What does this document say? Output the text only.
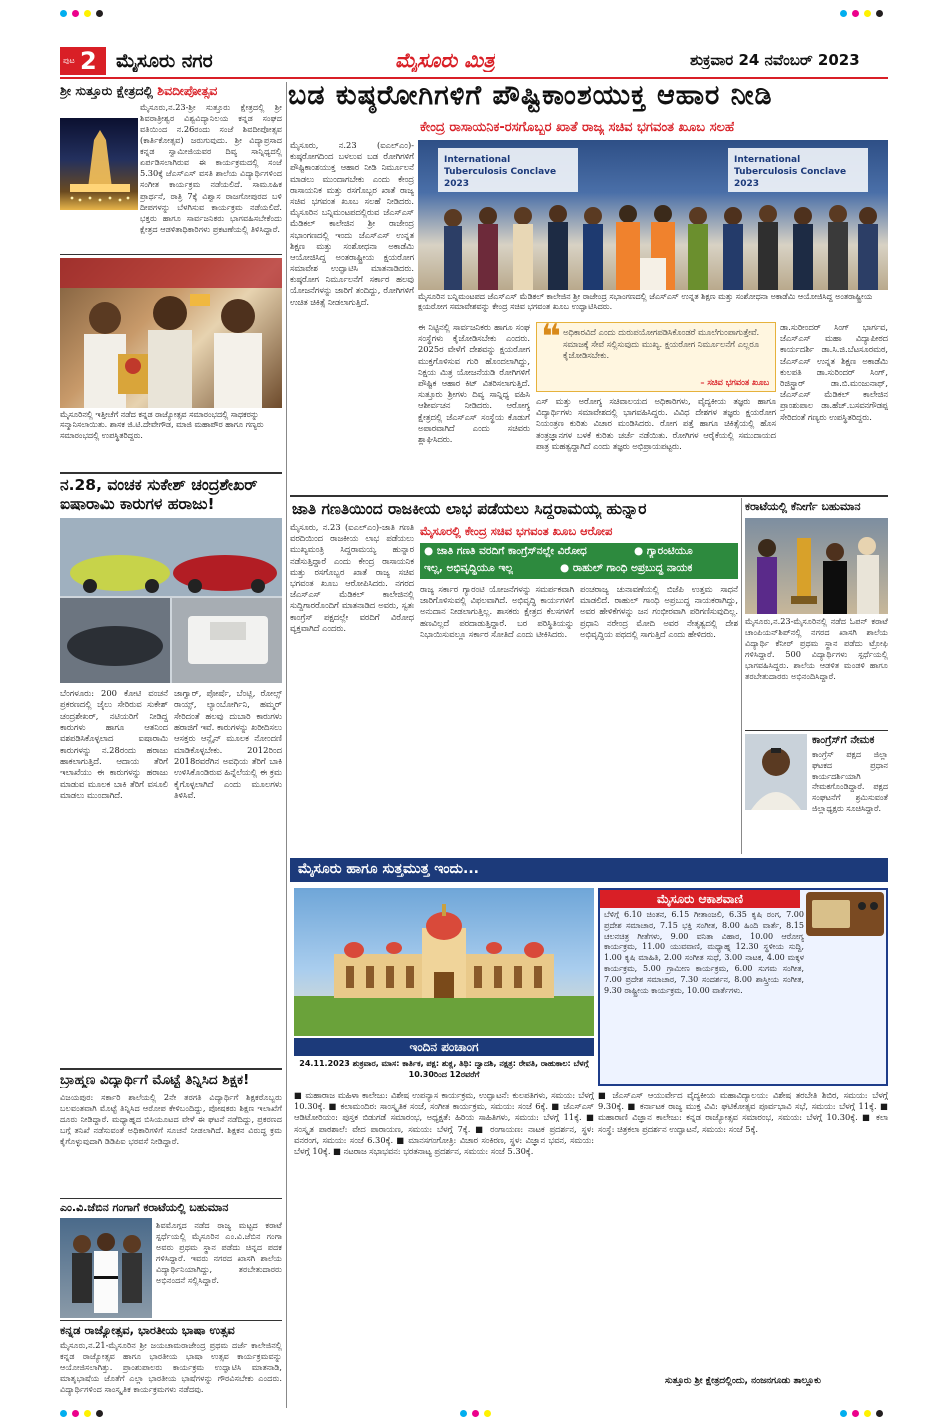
ಪುಟ 2 ಮೈಸೂರು ನಗರ	ಮೈಸೂರು ಮಿತ್ರ	ಶುಕ್ರವಾರ 24 ನವೆಂಬರ್ 2023
ಶ್ರೀ ಸುತ್ತೂರು ಕ್ಷೇತ್ರದಲ್ಲಿ ಶಿವದೀಪೋತ್ಸವ
ಮೈಸೂರು,ನ.23-ಶ್ರೀ ಸುತ್ತೂರು ಕ್ಷೇತ್ರದಲ್ಲಿ ಶ್ರೀ ಶಿವರಾತ್ರೀಶ್ವರ ವಿಶ್ವವಿದ್ಯಾನಿಲಯ ಕನ್ನಡ ಸಂಘದ ವತಿಯಿಂದ ನ.26ರಂದು ಸಂಜೆ ಶಿವದೀಪೋತ್ಸವ (ಕಾರ್ತಿಕೋತ್ಸವ) ಜರುಗುವುದು. ಶ್ರೀ ವಿದ್ಯಾಪ್ರಸಾದ ಕನ್ನಡ ಸ್ವಾಮೀಜಿಯವರ ದಿವ್ಯ ಸಾನ್ನಿಧ್ಯದಲ್ಲಿ ಏರ್ಪಡಿಸಲಾಗಿರುವ ಈ ಕಾರ್ಯಕ್ರಮದಲ್ಲಿ ಸಂಜೆ 5.30ಕ್ಕೆ ಜೆಎಸ್ಎಸ್ ವಸತಿ ಶಾಲೆಯ ವಿದ್ಯಾರ್ಥಿಗಳಿಂದ ಸಂಗೀತ ಕಾರ್ಯಕ್ರಮ ನಡೆಯಲಿದೆ. ಸಾಮೂಹಿಕ ಪ್ರಾರ್ಥನೆ, ರಾತ್ರಿ 7ಕ್ಕೆ ವಿಶ್ವಾಸ ರಾಜಗೋಪುರದ ಬಳಿ ದೀಪಗಳನ್ನು ಬೆಳಗಿಸುವ ಕಾರ್ಯಕ್ರಮ ನಡೆಯಲಿದೆ. ಭಕ್ತರು ಹಾಗೂ ಸಾರ್ವಜನಿಕರು ಭಾಗವಹಿಸಬೇಕೆಂದು ಕ್ಷೇತ್ರದ ಆಡಳಿತಾಧಿಕಾರಿಗಳು ಪ್ರಕಟಣೆಯಲ್ಲಿ ತಿಳಿಸಿದ್ದಾರೆ.
ಮೈಸೂರಿನಲ್ಲಿ ಇತ್ತೀಚೆಗೆ ನಡೆದ ಕನ್ನಡ ರಾಜ್ಯೋತ್ಸವ ಸಮಾರಂಭದಲ್ಲಿ ಸಾಧಕರನ್ನು ಸನ್ಮಾನಿಸಲಾಯಿತು. ಶಾಸಕ ಜಿ.ಟಿ.ದೇವೇಗೌಡ, ಮಾಜಿ ಮಹಾಪೌರ ಹಾಗೂ ಗಣ್ಯರು ಸಮಾರಂಭದಲ್ಲಿ ಉಪಸ್ಥಿತರಿದ್ದರು.
ನ.28, ವಂಚಕ ಸುಕೇಶ್ ಚಂದ್ರಶೇಖರ್
ಐಷಾರಾಮಿ ಕಾರುಗಳ ಹರಾಜು!
ಬೆಂಗಳೂರು: 200 ಕೋಟಿ ವಂಚನೆ ಪ್ರಕರಣದಲ್ಲಿ ಜೈಲು ಸೇರಿರುವ ಸುಕೇಶ್ ಚಂದ್ರಶೇಖರ್, ನಟಿಯರಿಗೆ ನೀಡಿದ್ದ ಕಾರುಗಳು ಹಾಗೂ ಆತನಿಂದ ವಶಪಡಿಸಿಕೊಳ್ಳಲಾದ ಐಷಾರಾಮಿ ಕಾರುಗಳನ್ನು ನ.28ರಂದು ಹರಾಜು ಹಾಕಲಾಗುತ್ತಿದೆ. ಆದಾಯ ತೆರಿಗೆ ಇಲಾಖೆಯು ಈ ಕಾರುಗಳನ್ನು ಹರಾಜು ಮಾಡುವ ಮೂಲಕ ಬಾಕಿ ತೆರಿಗೆ ವಸೂಲಿ ಮಾಡಲು ಮುಂದಾಗಿದೆ.
ಜಾಗ್ವಾರ್, ಪೋರ್ಷೆ, ಬೆಂಟ್ಲಿ, ರೋಲ್ಸ್ ರಾಯ್ಸ್, ಲ್ಯಾಂಬೋರ್ಗಿನಿ, ಹಮ್ಮರ್ ಸೇರಿದಂತೆ ಹಲವು ದುಬಾರಿ ಕಾರುಗಳು ಹರಾಜಿಗೆ ಇವೆ. ಕಾರುಗಳನ್ನು ಖರೀದಿಸಲು ಆಸಕ್ತರು ಆನ್ಲೈನ್ ಮೂಲಕ ನೋಂದಣಿ ಮಾಡಿಕೊಳ್ಳಬೇಕು. 2012ರಿಂದ 2018ರವರೆಗಿನ ಅವಧಿಯ ತೆರಿಗೆ ಬಾಕಿ ಉಳಿಸಿಕೊಂಡಿರುವ ಹಿನ್ನೆಲೆಯಲ್ಲಿ ಈ ಕ್ರಮ ಕೈಗೊಳ್ಳಲಾಗಿದೆ ಎಂದು ಮೂಲಗಳು ತಿಳಿಸಿವೆ.
ಬ್ರಾಹ್ಮಣ ವಿದ್ಯಾರ್ಥಿಗೆ ಮೊಟ್ಟೆ ತಿನ್ನಿಸಿದ ಶಿಕ್ಷಕ!
ವಿಜಯಪುರ: ಸರ್ಕಾರಿ ಶಾಲೆಯಲ್ಲಿ 2ನೇ ತರಗತಿ ವಿದ್ಯಾರ್ಥಿಗೆ ಶಿಕ್ಷಕರೊಬ್ಬರು ಬಲವಂತವಾಗಿ ಮೊಟ್ಟೆ ತಿನ್ನಿಸಿದ ಆರೋಪ ಕೇಳಿಬಂದಿದ್ದು, ಪೋಷಕರು ಶಿಕ್ಷಣ ಇಲಾಖೆಗೆ ದೂರು ನೀಡಿದ್ದಾರೆ. ಮಧ್ಯಾಹ್ನದ ಬಿಸಿಯೂಟದ ವೇಳೆ ಈ ಘಟನೆ ನಡೆದಿದ್ದು, ಪ್ರಕರಣದ ಬಗ್ಗೆ ತನಿಖೆ ನಡೆಸುವಂತೆ ಅಧಿಕಾರಿಗಳಿಗೆ ಸೂಚನೆ ನೀಡಲಾಗಿದೆ. ಶಿಕ್ಷಕನ ವಿರುದ್ಧ ಕ್ರಮ ಕೈಗೊಳ್ಳುವುದಾಗಿ ಡಿಡಿಪಿಐ ಭರವಸೆ ನೀಡಿದ್ದಾರೆ.
ಎಂ.ವಿ.ಜೆಬಿನ ಗಂಗಾಗೆ ಕರಾಟೆಯಲ್ಲಿ ಬಹುಮಾನ
ಶಿವಮೊಗ್ಗದ ನಡೆದ ರಾಜ್ಯ ಮಟ್ಟದ ಕರಾಟೆ ಸ್ಪರ್ಧೆಯಲ್ಲಿ ಮೈಸೂರಿನ ಎಂ.ವಿ.ಜೆಬಿನ ಗಂಗಾ ಅವರು ಪ್ರಥಮ ಸ್ಥಾನ ಪಡೆದು ಚಿನ್ನದ ಪದಕ ಗಳಿಸಿದ್ದಾರೆ. ಇವರು ನಗರದ ಖಾಸಗಿ ಶಾಲೆಯ ವಿದ್ಯಾರ್ಥಿನಿಯಾಗಿದ್ದು, ತರಬೇತುದಾರರು ಅಭಿನಂದನೆ ಸಲ್ಲಿಸಿದ್ದಾರೆ.
ಕನ್ನಡ ರಾಜ್ಯೋತ್ಸವ, ಭಾರತೀಯ ಭಾಷಾ ಉತ್ಸವ
ಮೈಸೂರು,ನ.21-ಮೈಸೂರಿನ ಶ್ರೀ ಜಯಚಾಮರಾಜೇಂದ್ರ ಪ್ರಥಮ ದರ್ಜೆ ಕಾಲೇಜಿನಲ್ಲಿ ಕನ್ನಡ ರಾಜ್ಯೋತ್ಸವ ಹಾಗೂ ಭಾರತೀಯ ಭಾಷಾ ಉತ್ಸವ ಕಾರ್ಯಕ್ರಮವನ್ನು ಆಯೋಜಿಸಲಾಗಿತ್ತು. ಪ್ರಾಂಶುಪಾಲರು ಕಾರ್ಯಕ್ರಮ ಉದ್ಘಾಟಿಸಿ ಮಾತನಾಡಿ, ಮಾತೃಭಾಷೆಯ ಜೊತೆಗೆ ಎಲ್ಲಾ ಭಾರತೀಯ ಭಾಷೆಗಳನ್ನು ಗೌರವಿಸಬೇಕು ಎಂದರು. ವಿದ್ಯಾರ್ಥಿಗಳಿಂದ ಸಾಂಸ್ಕೃತಿಕ ಕಾರ್ಯಕ್ರಮಗಳು ನಡೆದವು.
ಬಡ ಕುಷ್ಠರೋಗಿಗಳಿಗೆ ಪೌಷ್ಟಿಕಾಂಶಯುಕ್ತ ಆಹಾರ ನೀಡಿ
ಕೇಂದ್ರ ರಾಸಾಯನಿಕ-ರಸಗೊಬ್ಬರ ಖಾತೆ ರಾಜ್ಯ ಸಚಿವ ಭಗವಂತ ಖೂಬ ಸಲಹೆ
ಮೈಸೂರು, ನ.23 (ಐಎಲ್ಎಂ)- ಕುಷ್ಠರೋಗದಿಂದ ಬಳಲುವ ಬಡ ರೋಗಿಗಳಿಗೆ ಪೌಷ್ಟಿಕಾಂಶಯುಕ್ತ ಆಹಾರ ನೀಡಿ ನಿರ್ಮೂಲನೆ ಮಾಡಲು ಮುಂದಾಗಬೇಕು ಎಂದು ಕೇಂದ್ರ ರಾಸಾಯನಿಕ ಮತ್ತು ರಸಗೊಬ್ಬರ ಖಾತೆ ರಾಜ್ಯ ಸಚಿವ ಭಗವಂತ ಖೂಬ ಸಲಹೆ ನೀಡಿದರು. ಮೈಸೂರಿನ ಬನ್ನಿಮಂಟಪದಲ್ಲಿರುವ ಜೆಎಸ್ಎಸ್ ಮೆಡಿಕಲ್ ಕಾಲೇಜಿನ ಶ್ರೀ ರಾಜೇಂದ್ರ ಸಭಾಂಗಣದಲ್ಲಿ ಇಂದು ಜೆಎಸ್ಎಸ್ ಉನ್ನತ ಶಿಕ್ಷಣ ಮತ್ತು ಸಂಶೋಧನಾ ಅಕಾಡೆಮಿ ಆಯೋಜಿಸಿದ್ದ ಅಂತರಾಷ್ಟ್ರೀಯ ಕ್ಷಯರೋಗ ಸಮಾವೇಶ ಉದ್ಘಾಟಿಸಿ ಮಾತನಾಡಿದರು. ಕುಷ್ಠರೋಗ ನಿರ್ಮೂಲನೆಗೆ ಸರ್ಕಾರ ಹಲವು ಯೋಜನೆಗಳನ್ನು ಜಾರಿಗೆ ತಂದಿದ್ದು, ರೋಗಿಗಳಿಗೆ ಉಚಿತ ಚಿಕಿತ್ಸೆ ನೀಡಲಾಗುತ್ತಿದೆ.
International Tuberculosis Conclave 2023
International Tuberculosis Conclave 2023
ಮೈಸೂರಿನ ಬನ್ನಿಮಂಟಪದ ಜೆಎಸ್ಎಸ್ ಮೆಡಿಕಲ್ ಕಾಲೇಜಿನ ಶ್ರೀ ರಾಜೇಂದ್ರ ಸಭಾಂಗಣದಲ್ಲಿ ಜೆಎಸ್ಎಸ್ ಉನ್ನತ ಶಿಕ್ಷಣ ಮತ್ತು ಸಂಶೋಧನಾ ಅಕಾಡೆಮಿ ಆಯೋಜಿಸಿದ್ದ ಅಂತರಾಷ್ಟ್ರೀಯ ಕ್ಷಯರೋಗ ಸಮಾವೇಶವನ್ನು ಕೇಂದ್ರ ಸಚಿವ ಭಗವಂತ ಖೂಬ ಉದ್ಘಾಟಿಸಿದರು.
ಈ ನಿಟ್ಟಿನಲ್ಲಿ ಸಾರ್ವಜನಿಕರು ಹಾಗೂ ಸಂಘ ಸಂಸ್ಥೆಗಳು ಕೈಜೋಡಿಸಬೇಕು ಎಂದರು. 2025ರ ವೇಳೆಗೆ ದೇಶವನ್ನು ಕ್ಷಯರೋಗ ಮುಕ್ತಗೊಳಿಸುವ ಗುರಿ ಹೊಂದಲಾಗಿದ್ದು, ನಿಕ್ಷಯ ಮಿತ್ರ ಯೋಜನೆಯಡಿ ರೋಗಿಗಳಿಗೆ ಪೌಷ್ಟಿಕ ಆಹಾರ ಕಿಟ್ ವಿತರಿಸಲಾಗುತ್ತಿದೆ. ಸುತ್ತೂರು ಶ್ರೀಗಳು ದಿವ್ಯ ಸಾನ್ನಿಧ್ಯ ವಹಿಸಿ ಆಶೀರ್ವಚನ ನೀಡಿದರು. ಆರೋಗ್ಯ ಕ್ಷೇತ್ರದಲ್ಲಿ ಜೆಎಸ್ಎಸ್ ಸಂಸ್ಥೆಯ ಕೊಡುಗೆ ಅಪಾರವಾಗಿದೆ ಎಂದು ಸಚಿವರು ಶ್ಲಾಘಿಸಿದರು.
❝ ಅಧಿಕಾರವಿದೆ ಎಂದು ದುರುಪಯೋಗಪಡಿಸಿಕೊಂಡರೆ ಮೂಲೆಗುಂಪಾಗುತ್ತೇವೆ. ಸಮಾಜಕ್ಕೆ ಸೇವೆ ಸಲ್ಲಿಸುವುದು ಮುಖ್ಯ. ಕ್ಷಯರೋಗ ನಿರ್ಮೂಲನೆಗೆ ಎಲ್ಲರೂ ಕೈಜೋಡಿಸಬೇಕು.
– ಸಚಿವ ಭಗವಂತ ಖೂಬ
ಎಸ್ ಮತ್ತು ಅರೋಗ್ಯ ಸಚಿವಾಲಯದ ಅಧಿಕಾರಿಗಳು, ವೈದ್ಯಕೀಯ ತಜ್ಞರು ಹಾಗೂ ವಿದ್ಯಾರ್ಥಿಗಳು ಸಮಾವೇಶದಲ್ಲಿ ಭಾಗವಹಿಸಿದ್ದರು. ವಿವಿಧ ದೇಶಗಳ ತಜ್ಞರು ಕ್ಷಯರೋಗ ನಿಯಂತ್ರಣ ಕುರಿತು ವಿಚಾರ ಮಂಡಿಸಿದರು. ರೋಗ ಪತ್ತೆ ಹಾಗೂ ಚಿಕಿತ್ಸೆಯಲ್ಲಿ ಹೊಸ ತಂತ್ರಜ್ಞಾನಗಳ ಬಳಕೆ ಕುರಿತು ಚರ್ಚೆ ನಡೆಯಿತು. ರೋಗಿಗಳ ಆರೈಕೆಯಲ್ಲಿ ಸಮುದಾಯದ ಪಾತ್ರ ಮಹತ್ವದ್ದಾಗಿದೆ ಎಂದು ತಜ್ಞರು ಅಭಿಪ್ರಾಯಪಟ್ಟರು.
ಡಾ.ಸುರೀಂದರ್ ಸಿಂಗ್ ಭಾರ್ಗವ, ಜೆಎಸ್ಎಸ್ ಮಹಾ ವಿದ್ಯಾಪೀಠದ ಕಾರ್ಯದರ್ಶಿ ಡಾ.ಸಿ.ಜಿ.ಬೆಟಸೂರಮಠ, ಜೆಎಸ್ಎಸ್ ಉನ್ನತ ಶಿಕ್ಷಣ ಅಕಾಡೆಮಿ ಕುಲಪತಿ ಡಾ.ಸುರಿಂದರ್ ಸಿಂಗ್, ರಿಜಿಸ್ಟ್ರಾರ್ ಡಾ.ಬಿ.ಮಂಜುನಾಥ್, ಜೆಎಸ್ಎಸ್ ಮೆಡಿಕಲ್ ಕಾಲೇಜಿನ ಪ್ರಾಂಶುಪಾಲ ಡಾ.ಹೆಚ್.ಬಸವನಗೌಡಪ್ಪ ಸೇರಿದಂತೆ ಗಣ್ಯರು ಉಪಸ್ಥಿತರಿದ್ದರು.
ಜಾತಿ ಗಣತಿಯಿಂದ ರಾಜಕೀಯ ಲಾಭ ಪಡೆಯಲು ಸಿದ್ದರಾಮಯ್ಯ ಹುನ್ನಾರ
ಮೈಸೂರಲ್ಲಿ ಕೇಂದ್ರ ಸಚಿವ ಭಗವಂತ ಖೂಬ ಆರೋಪ
ಮೈಸೂರು, ನ.23 (ಐಎಲ್ಎಂ)-ಜಾತಿ ಗಣತಿ ವರದಿಯಿಂದ ರಾಜಕೀಯ ಲಾಭ ಪಡೆಯಲು ಮುಖ್ಯಮಂತ್ರಿ ಸಿದ್ದರಾಮಯ್ಯ ಹುನ್ನಾರ ನಡೆಸುತ್ತಿದ್ದಾರೆ ಎಂದು ಕೇಂದ್ರ ರಾಸಾಯನಿಕ ಮತ್ತು ರಸಗೊಬ್ಬರ ಖಾತೆ ರಾಜ್ಯ ಸಚಿವ ಭಗವಂತ ಖೂಬ ಆರೋಪಿಸಿದರು. ನಗರದ ಜೆಎಸ್ಎಸ್ ಮೆಡಿಕಲ್ ಕಾಲೇಜಿನಲ್ಲಿ ಸುದ್ದಿಗಾರರೊಂದಿಗೆ ಮಾತನಾಡಿದ ಅವರು, ಸ್ವತಃ ಕಾಂಗ್ರೆಸ್ ಪಕ್ಷದಲ್ಲೇ ವರದಿಗೆ ವಿರೋಧ ವ್ಯಕ್ತವಾಗಿದೆ ಎಂದರು.
● ಜಾತಿ ಗಣತಿ ವರದಿಗೆ ಕಾಂಗ್ರೆಸ್‌ನಲ್ಲೇ ವಿರೋಧ	● ಗ್ಯಾರಂಟಿಯೂ
ಇಲ್ಲ, ಅಭಿವೃದ್ಧಿಯೂ ಇಲ್ಲ	● ರಾಹುಲ್ ಗಾಂಧಿ ಅಪ್ರಬುದ್ಧ ನಾಯಕ
ರಾಜ್ಯ ಸರ್ಕಾರ ಗ್ಯಾರಂಟಿ ಯೋಜನೆಗಳನ್ನು ಸಮರ್ಪಕವಾಗಿ ಜಾರಿಗೊಳಿಸುವಲ್ಲಿ ವಿಫಲವಾಗಿದೆ. ಅಭಿವೃದ್ಧಿ ಕಾರ್ಯಗಳಿಗೆ ಅನುದಾನ ನೀಡಲಾಗುತ್ತಿಲ್ಲ. ಶಾಸಕರು ಕ್ಷೇತ್ರದ ಕೆಲಸಗಳಿಗೆ ಹಣವಿಲ್ಲದೆ ಪರದಾಡುತ್ತಿದ್ದಾರೆ. ಬರ ಪರಿಸ್ಥಿತಿಯನ್ನು ನಿಭಾಯಿಸುವಲ್ಲೂ ಸರ್ಕಾರ ಸೋತಿದೆ ಎಂದು ಟೀಕಿಸಿದರು.
ಪಂಚರಾಜ್ಯ ಚುನಾವಣೆಯಲ್ಲಿ ಬಿಜೆಪಿ ಉತ್ತಮ ಸಾಧನೆ ಮಾಡಲಿದೆ. ರಾಹುಲ್ ಗಾಂಧಿ ಅಪ್ರಬುದ್ಧ ನಾಯಕರಾಗಿದ್ದು, ಅವರ ಹೇಳಿಕೆಗಳನ್ನು ಜನ ಗಂಭೀರವಾಗಿ ಪರಿಗಣಿಸುವುದಿಲ್ಲ. ಪ್ರಧಾನಿ ನರೇಂದ್ರ ಮೋದಿ ಅವರ ನೇತೃತ್ವದಲ್ಲಿ ದೇಶ ಅಭಿವೃದ್ಧಿಯ ಪಥದಲ್ಲಿ ಸಾಗುತ್ತಿದೆ ಎಂದು ಹೇಳಿದರು.
ಕರಾಟೆಯಲ್ಲಿ ಕೆನೀರ್ಗೆ ಬಹುಮಾನ
ಮೈಸೂರು,ನ.23-ಮೈಸೂರಿನಲ್ಲಿ ನಡೆದ ಓಪನ್ ಕರಾಟೆ ಚಾಂಪಿಯನ್‌ಶಿಪ್‌ನಲ್ಲಿ ನಗರದ ಖಾಸಗಿ ಶಾಲೆಯ ವಿದ್ಯಾರ್ಥಿ ಕೆನೀರ್ ಪ್ರಥಮ ಸ್ಥಾನ ಪಡೆದು ಟ್ರೋಫಿ ಗಳಿಸಿದ್ದಾರೆ. 500 ವಿದ್ಯಾರ್ಥಿಗಳು ಸ್ಪರ್ಧೆಯಲ್ಲಿ ಭಾಗವಹಿಸಿದ್ದರು. ಶಾಲೆಯ ಆಡಳಿತ ಮಂಡಳಿ ಹಾಗೂ ತರಬೇತುದಾರರು ಅಭಿನಂದಿಸಿದ್ದಾರೆ.
ಕಾಂಗ್ರೆಸ್‌ಗೆ ನೇಮಕ
ಕಾಂಗ್ರೆಸ್ ಪಕ್ಷದ ಜಿಲ್ಲಾ ಘಟಕದ ಪ್ರಧಾನ ಕಾರ್ಯದರ್ಶಿಯಾಗಿ ನೇಮಕಗೊಂಡಿದ್ದಾರೆ. ಪಕ್ಷದ ಸಂಘಟನೆಗೆ ಶ್ರಮಿಸುವಂತೆ ಜಿಲ್ಲಾಧ್ಯಕ್ಷರು ಸೂಚಿಸಿದ್ದಾರೆ.
ಮೈಸೂರು ಹಾಗೂ ಸುತ್ತಮುತ್ತ ಇಂದು...
ಇಂದಿನ ಪಂಚಾಂಗ
24.11.2023 ಶುಕ್ರವಾರ, ಮಾಸ: ಕಾರ್ತಿಕ, ಪಕ್ಷ: ಶುಕ್ಲ, ತಿಥಿ: ದ್ವಾದಶಿ, ನಕ್ಷತ್ರ: ರೇವತಿ, ರಾಹುಕಾಲ: ಬೆಳಗ್ಗೆ 10.30ರಿಂದ 12ರವರೆಗೆ
ಮೈಸೂರು ಆಕಾಶವಾಣಿ
ಬೆಳಿಗ್ಗೆ 6.10 ಚಿಂತನ, 6.15 ಗೀತಾಂಜಲಿ, 6.35 ಕೃಷಿ ರಂಗ, 7.00 ಪ್ರದೇಶ ಸಮಾಚಾರ, 7.15 ಭಕ್ತಿ ಸಂಗೀತ, 8.00 ಹಿಂದಿ ವಾರ್ತೆ, 8.15 ಚಲನಚಿತ್ರ ಗೀತೆಗಳು, 9.00 ವನಿತಾ ವಿಹಾರ, 10.00 ಆರೋಗ್ಯ ಕಾರ್ಯಕ್ರಮ, 11.00 ಯುವವಾಣಿ, ಮಧ್ಯಾಹ್ನ 12.30 ಸ್ಥಳೀಯ ಸುದ್ದಿ, 1.00 ಕೃಷಿ ಮಾಹಿತಿ, 2.00 ಸಂಗೀತ ಸುಧೆ, 3.00 ನಾಟಕ, 4.00 ಮಕ್ಕಳ ಕಾರ್ಯಕ್ರಮ, 5.00 ಗ್ರಾಮೀಣ ಕಾರ್ಯಕ್ರಮ, 6.00 ಸುಗಮ ಸಂಗೀತ, 7.00 ಪ್ರದೇಶ ಸಮಾಚಾರ, 7.30 ಸಂದರ್ಶನ, 8.00 ಶಾಸ್ತ್ರೀಯ ಸಂಗೀತ, 9.30 ರಾಷ್ಟ್ರೀಯ ಕಾರ್ಯಕ್ರಮ, 10.00 ವಾರ್ತೆಗಳು.
■ ಮಹಾರಾಜ ಮಹಿಳಾ ಕಾಲೇಜು: ವಿಶೇಷ ಉಪನ್ಯಾಸ ಕಾರ್ಯಕ್ರಮ, ಉದ್ಘಾಟನೆ: ಕುಲಪತಿಗಳು, ಸಮಯ: ಬೆಳಗ್ಗೆ 10.30ಕ್ಕೆ. ■ ಕಲಾಮಂದಿರ: ಸಾಂಸ್ಕೃತಿಕ ಸಂಜೆ, ಸಂಗೀತ ಕಾರ್ಯಕ್ರಮ, ಸಮಯ: ಸಂಜೆ 6ಕ್ಕೆ. ■ ಜೆಎಸ್ಎಸ್ ಆಡಿಟೋರಿಯಂ: ಪುಸ್ತಕ ಬಿಡುಗಡೆ ಸಮಾರಂಭ, ಅಧ್ಯಕ್ಷತೆ: ಹಿರಿಯ ಸಾಹಿತಿಗಳು, ಸಮಯ: ಬೆಳಗ್ಗೆ 11ಕ್ಕೆ. ■ ಸಂಸ್ಕೃತ ಪಾಠಶಾಲೆ: ವೇದ ಪಾರಾಯಣ, ಸಮಯ: ಬೆಳಗ್ಗೆ 7ಕ್ಕೆ. ■ ರಂಗಾಯಣ: ನಾಟಕ ಪ್ರದರ್ಶನ, ಸ್ಥಳ: ವನರಂಗ, ಸಮಯ: ಸಂಜೆ 6.30ಕ್ಕೆ. ■ ಮಾನಸಗಂಗೋತ್ರಿ: ವಿಚಾರ ಸಂಕಿರಣ, ಸ್ಥಳ: ವಿಜ್ಞಾನ ಭವನ, ಸಮಯ: ಬೆಳಗ್ಗೆ 10ಕ್ಕೆ. ■ ನಟರಾಜ ಸಭಾಭವನ: ಭರತನಾಟ್ಯ ಪ್ರದರ್ಶನ, ಸಮಯ: ಸಂಜೆ 5.30ಕ್ಕೆ.
■ ಜೆಎಸ್ಎಸ್ ಆಯುರ್ವೇದ ವೈದ್ಯಕೀಯ ಮಹಾವಿದ್ಯಾಲಯ: ವಿಶೇಷ ತರಬೇತಿ ಶಿಬಿರ, ಸಮಯ: ಬೆಳಗ್ಗೆ 9.30ಕ್ಕೆ. ■ ಕರ್ನಾಟಕ ರಾಜ್ಯ ಮುಕ್ತ ವಿವಿ: ಘಟಿಕೋತ್ಸವ ಪೂರ್ವಭಾವಿ ಸಭೆ, ಸಮಯ: ಬೆಳಗ್ಗೆ 11ಕ್ಕೆ. ■ ಮಹಾರಾಣಿ ವಿಜ್ಞಾನ ಕಾಲೇಜು: ಕನ್ನಡ ರಾಜ್ಯೋತ್ಸವ ಸಮಾರಂಭ, ಸಮಯ: ಬೆಳಗ್ಗೆ 10.30ಕ್ಕೆ. ■ ಕಲಾ ಸಂಸ್ಥೆ: ಚಿತ್ರಕಲಾ ಪ್ರದರ್ಶನ ಉದ್ಘಾಟನೆ, ಸಮಯ: ಸಂಜೆ 5ಕ್ಕೆ.
ಸುತ್ತೂರು ಶ್ರೀ ಕ್ಷೇತ್ರದಲ್ಲಿಂದು, ನಂಜನಗೂಡು ತಾಲ್ಲೂಕು
